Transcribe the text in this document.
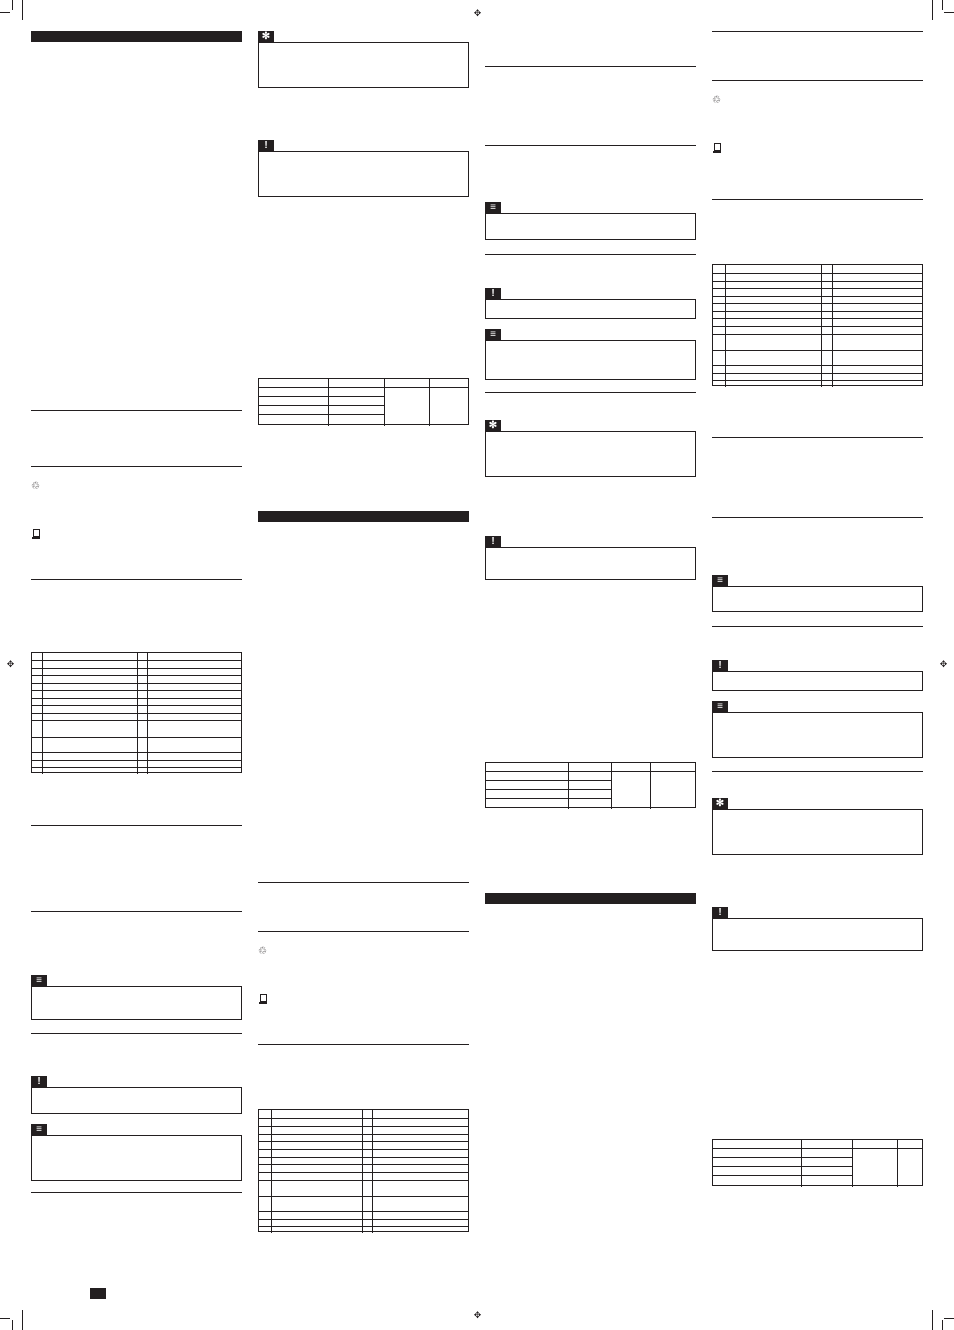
✥
✥
✥	✥
♲
≡
!
≡
✻
!
♲
≡
!
≡
✻
!
♲
≡
!
≡
✻
!
